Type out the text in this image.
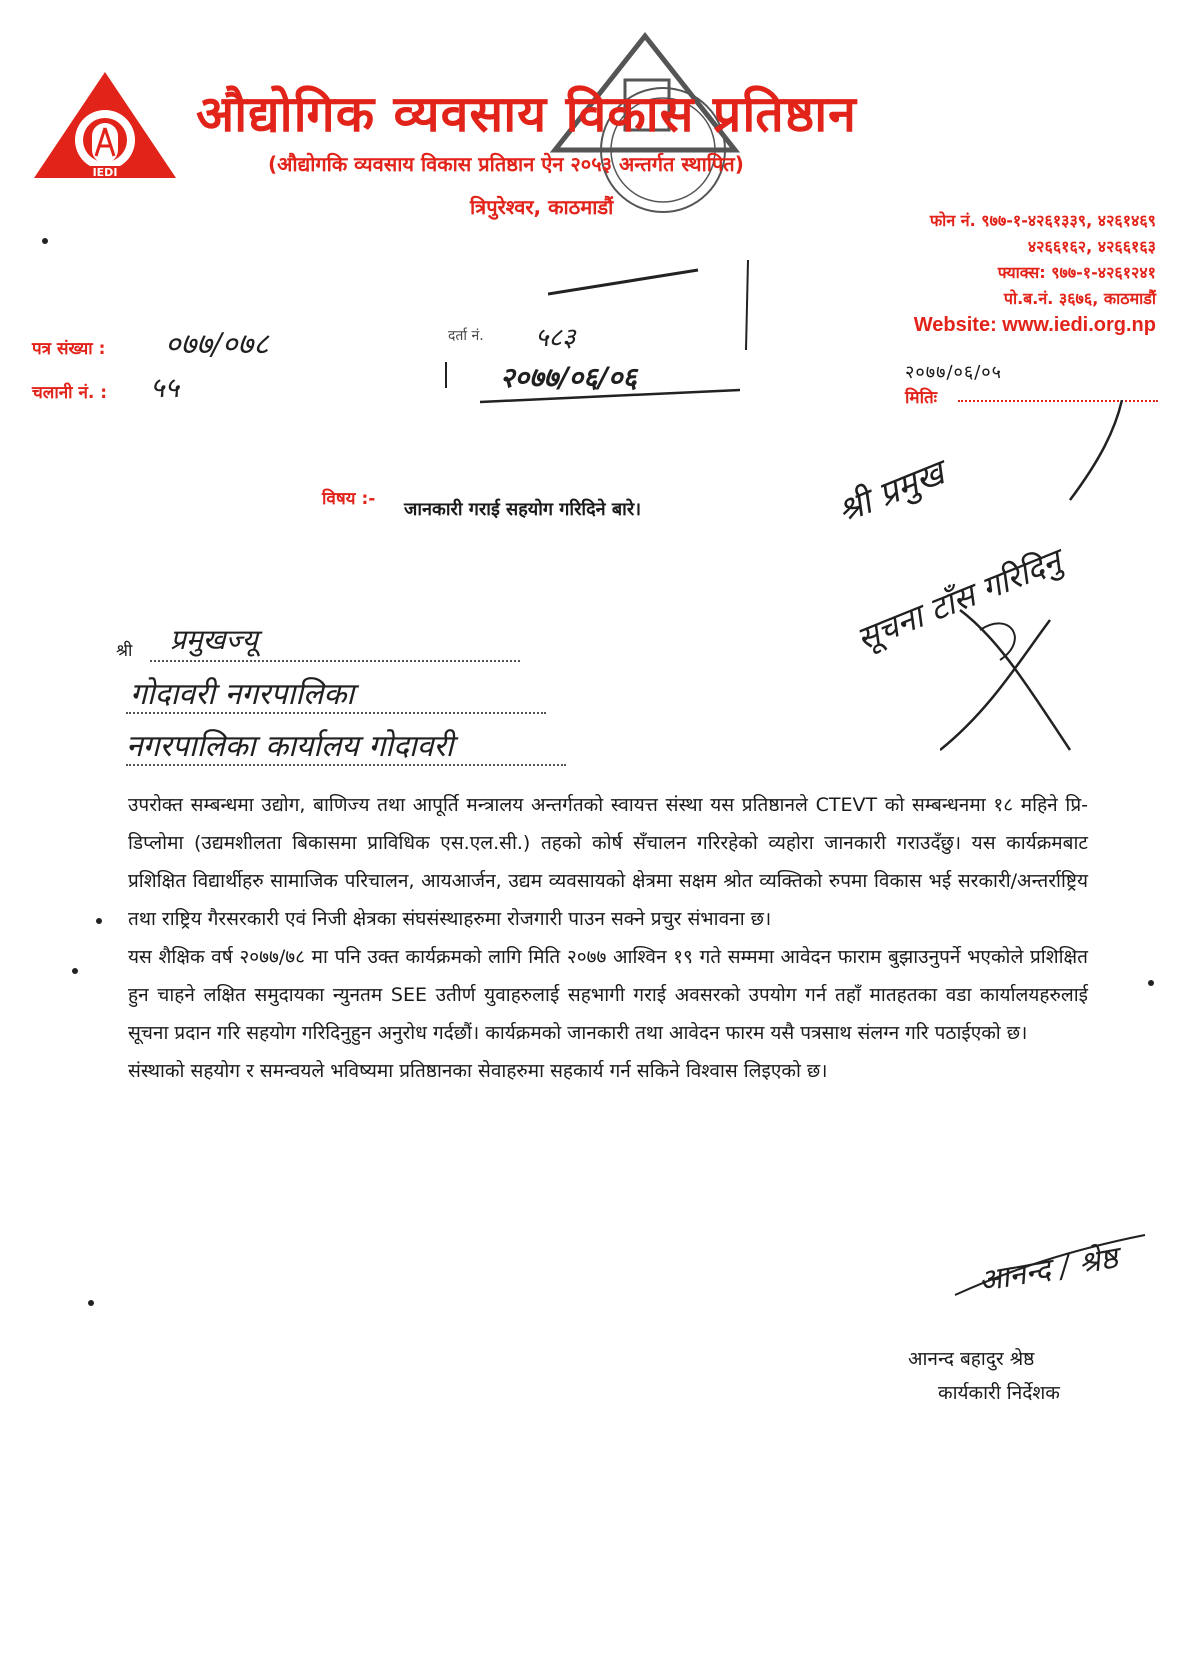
IEDI
औद्योगिक व्यवसाय विकास प्रतिष्ठान
(औद्योगकि व्यवसाय विकास प्रतिष्ठान ऐन २०५३ अन्तर्गत स्थापित)
त्रिपुरेश्वर, काठमाडौं
फोन नं. ९७७-१-४२६१३३९, ४२६१४६९
४२६६१६२, ४२६६१६३
फ्याक्स: ९७७-१-४२६१२४१
पो.ब.नं. ३६७६, काठमाडौं
Website: www.iedi.org.np
पत्र संख्या : ०७७/०७८
चलानी नं. : ५५
दर्ता नं. ५८३
२०७७/०६/०६	२०७७/०६/०५
मितिः
विषय :- जानकारी गराई सहयोग गरिदिने बारे।	श्री प्रमुख
सूचना टाँस गरिदिनु
श्री प्रमुखज्यू
गोदावरी नगरपालिका
नगरपालिका कार्यालय गोदावरी

उपरोक्त सम्बन्धमा उद्योग, बाणिज्य तथा आपूर्ति मन्त्रालय अन्तर्गतको स्वायत्त संस्था यस प्रतिष्ठानले CTEVT को सम्बन्धनमा १८ महिने प्रि-डिप्लोमा (उद्यमशीलता बिकासमा प्राविधिक एस.एल.सी.) तहको कोर्ष सँचालन गरिरहेको व्यहोरा जानकारी गराउदँछु। यस कार्यक्रमबाट प्रशिक्षित विद्यार्थीहरु सामाजिक परिचालन, आयआर्जन, उद्यम व्यवसायको क्षेत्रमा सक्षम श्रोत व्यक्तिको रुपमा विकास भई सरकारी/अन्तर्राष्ट्रिय तथा राष्ट्रिय गैरसरकारी एवं निजी क्षेत्रका संघसंस्थाहरुमा रोजगारी पाउन सक्ने प्रचुर संभावना छ।

यस शैक्षिक वर्ष २०७७/७८ मा पनि उक्त कार्यक्रमको लागि मिति २०७७ आश्विन १९ गते सम्ममा आवेदन फाराम बुझाउनुपर्ने भएकोले प्रशिक्षित हुन चाहने लक्षित समुदायका न्युनतम SEE उतीर्ण युवाहरुलाई सहभागी गराई अवसरको उपयोग गर्न तहाँ मातहतका वडा कार्यालयहरुलाई सूचना प्रदान गरि सहयोग गरिदिनुहुन अनुरोध गर्दछौं। कार्यक्रमको जानकारी तथा आवेदन फारम यसै पत्रसाथ संलग्न गरि पठाईएको छ।

संस्थाको सहयोग र समन्वयले भविष्यमा प्रतिष्ठानका सेवाहरुमा सहकार्य गर्न सकिने विश्वास लिइएको छ।

आनन्द / श्रेष्ठ
आनन्द बहादुर श्रेष्ठ
कार्यकारी निर्देशक
